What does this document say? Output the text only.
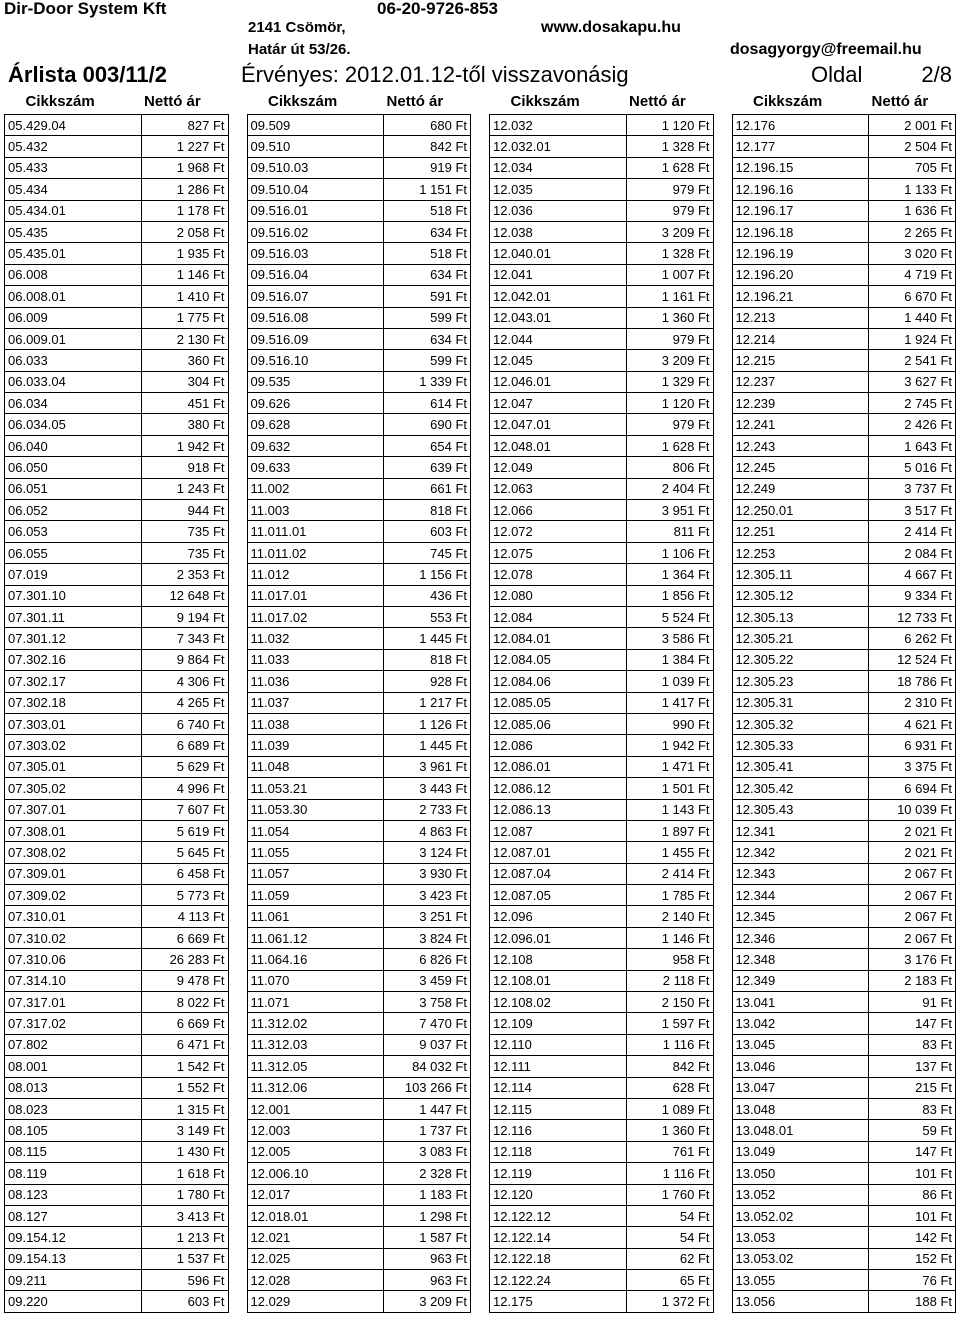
Dir-Door System Kft	06-20-9726-853
2141 Csömör,	www.dosakapu.hu
Határ út 53/26.	dosagyorgy@freemail.hu
Árlista 003/11/2	Érvényes: 2012.01.12-től visszavonásig	Oldal	2/8
Cikkszám	Nettó ár	Cikkszám	Nettó ár	Cikkszám	Nettó ár	Cikkszám	Nettó ár
05.429.04	827 Ft
05.432	1 227 Ft
05.433	1 968 Ft
05.434	1 286 Ft
05.434.01	1 178 Ft
05.435	2 058 Ft
05.435.01	1 935 Ft
06.008	1 146 Ft
06.008.01	1 410 Ft
06.009	1 775 Ft
06.009.01	2 130 Ft
06.033	360 Ft
06.033.04	304 Ft
06.034	451 Ft
06.034.05	380 Ft
06.040	1 942 Ft
06.050	918 Ft
06.051	1 243 Ft
06.052	944 Ft
06.053	735 Ft
06.055	735 Ft
07.019	2 353 Ft
07.301.10	12 648 Ft
07.301.11	9 194 Ft
07.301.12	7 343 Ft
07.302.16	9 864 Ft
07.302.17	4 306 Ft
07.302.18	4 265 Ft
07.303.01	6 740 Ft
07.303.02	6 689 Ft
07.305.01	5 629 Ft
07.305.02	4 996 Ft
07.307.01	7 607 Ft
07.308.01	5 619 Ft
07.308.02	5 645 Ft
07.309.01	6 458 Ft
07.309.02	5 773 Ft
07.310.01	4 113 Ft
07.310.02	6 669 Ft
07.310.06	26 283 Ft
07.314.10	9 478 Ft
07.317.01	8 022 Ft
07.317.02	6 669 Ft
07.802	6 471 Ft
08.001	1 542 Ft
08.013	1 552 Ft
08.023	1 315 Ft
08.105	3 149 Ft
08.115	1 430 Ft
08.119	1 618 Ft
08.123	1 780 Ft
08.127	3 413 Ft
09.154.12	1 213 Ft
09.154.13	1 537 Ft
09.211	596 Ft
09.220	603 Ft
09.509	680 Ft
09.510	842 Ft
09.510.03	919 Ft
09.510.04	1 151 Ft
09.516.01	518 Ft
09.516.02	634 Ft
09.516.03	518 Ft
09.516.04	634 Ft
09.516.07	591 Ft
09.516.08	599 Ft
09.516.09	634 Ft
09.516.10	599 Ft
09.535	1 339 Ft
09.626	614 Ft
09.628	690 Ft
09.632	654 Ft
09.633	639 Ft
11.002	661 Ft
11.003	818 Ft
11.011.01	603 Ft
11.011.02	745 Ft
11.012	1 156 Ft
11.017.01	436 Ft
11.017.02	553 Ft
11.032	1 445 Ft
11.033	818 Ft
11.036	928 Ft
11.037	1 217 Ft
11.038	1 126 Ft
11.039	1 445 Ft
11.048	3 961 Ft
11.053.21	3 443 Ft
11.053.30	2 733 Ft
11.054	4 863 Ft
11.055	3 124 Ft
11.057	3 930 Ft
11.059	3 423 Ft
11.061	3 251 Ft
11.061.12	3 824 Ft
11.064.16	6 826 Ft
11.070	3 459 Ft
11.071	3 758 Ft
11.312.02	7 470 Ft
11.312.03	9 037 Ft
11.312.05	84 032 Ft
11.312.06	103 266 Ft
12.001	1 447 Ft
12.003	1 737 Ft
12.005	3 083 Ft
12.006.10	2 328 Ft
12.017	1 183 Ft
12.018.01	1 298 Ft
12.021	1 587 Ft
12.025	963 Ft
12.028	963 Ft
12.029	3 209 Ft
12.032	1 120 Ft
12.032.01	1 328 Ft
12.034	1 628 Ft
12.035	979 Ft
12.036	979 Ft
12.038	3 209 Ft
12.040.01	1 328 Ft
12.041	1 007 Ft
12.042.01	1 161 Ft
12.043.01	1 360 Ft
12.044	979 Ft
12.045	3 209 Ft
12.046.01	1 329 Ft
12.047	1 120 Ft
12.047.01	979 Ft
12.048.01	1 628 Ft
12.049	806 Ft
12.063	2 404 Ft
12.066	3 951 Ft
12.072	811 Ft
12.075	1 106 Ft
12.078	1 364 Ft
12.080	1 856 Ft
12.084	5 524 Ft
12.084.01	3 586 Ft
12.084.05	1 384 Ft
12.084.06	1 039 Ft
12.085.05	1 417 Ft
12.085.06	990 Ft
12.086	1 942 Ft
12.086.01	1 471 Ft
12.086.12	1 501 Ft
12.086.13	1 143 Ft
12.087	1 897 Ft
12.087.01	1 455 Ft
12.087.04	2 414 Ft
12.087.05	1 785 Ft
12.096	2 140 Ft
12.096.01	1 146 Ft
12.108	958 Ft
12.108.01	2 118 Ft
12.108.02	2 150 Ft
12.109	1 597 Ft
12.110	1 116 Ft
12.111	842 Ft
12.114	628 Ft
12.115	1 089 Ft
12.116	1 360 Ft
12.118	761 Ft
12.119	1 116 Ft
12.120	1 760 Ft
12.122.12	54 Ft
12.122.14	54 Ft
12.122.18	62 Ft
12.122.24	65 Ft
12.175	1 372 Ft
12.176	2 001 Ft
12.177	2 504 Ft
12.196.15	705 Ft
12.196.16	1 133 Ft
12.196.17	1 636 Ft
12.196.18	2 265 Ft
12.196.19	3 020 Ft
12.196.20	4 719 Ft
12.196.21	6 670 Ft
12.213	1 440 Ft
12.214	1 924 Ft
12.215	2 541 Ft
12.237	3 627 Ft
12.239	2 745 Ft
12.241	2 426 Ft
12.243	1 643 Ft
12.245	5 016 Ft
12.249	3 737 Ft
12.250.01	3 517 Ft
12.251	2 414 Ft
12.253	2 084 Ft
12.305.11	4 667 Ft
12.305.12	9 334 Ft
12.305.13	12 733 Ft
12.305.21	6 262 Ft
12.305.22	12 524 Ft
12.305.23	18 786 Ft
12.305.31	2 310 Ft
12.305.32	4 621 Ft
12.305.33	6 931 Ft
12.305.41	3 375 Ft
12.305.42	6 694 Ft
12.305.43	10 039 Ft
12.341	2 021 Ft
12.342	2 021 Ft
12.343	2 067 Ft
12.344	2 067 Ft
12.345	2 067 Ft
12.346	2 067 Ft
12.348	3 176 Ft
12.349	2 183 Ft
13.041	91 Ft
13.042	147 Ft
13.045	83 Ft
13.046	137 Ft
13.047	215 Ft
13.048	83 Ft
13.048.01	59 Ft
13.049	147 Ft
13.050	101 Ft
13.052	86 Ft
13.052.02	101 Ft
13.053	142 Ft
13.053.02	152 Ft
13.055	76 Ft
13.056	188 Ft
